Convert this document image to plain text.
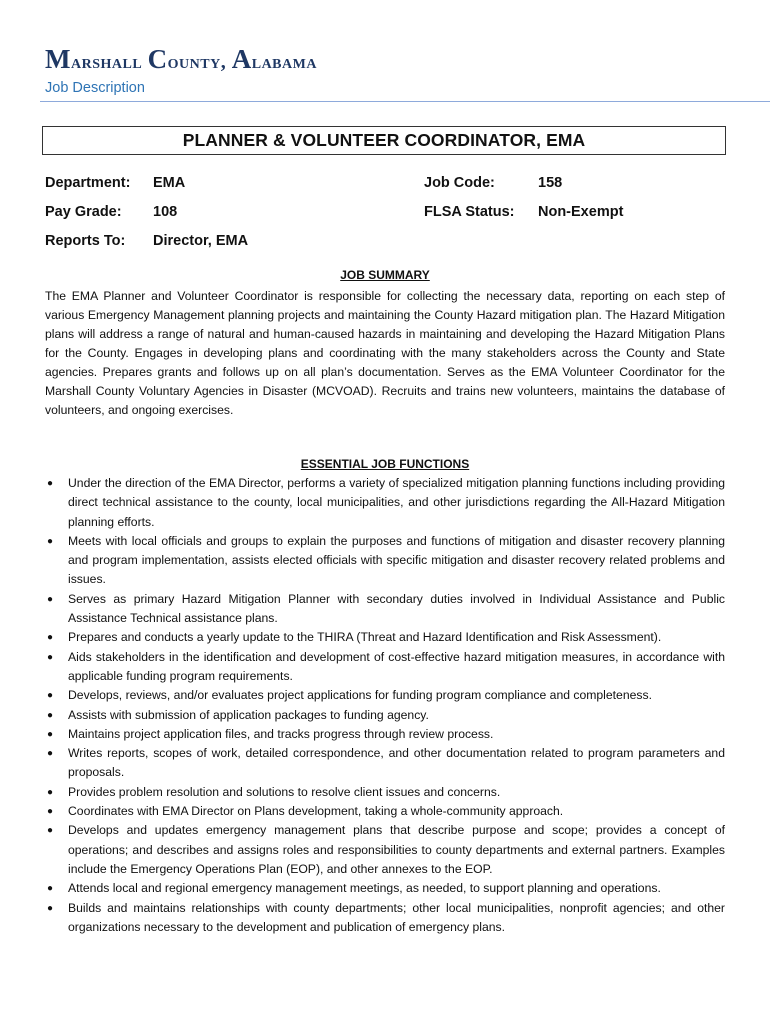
Marshall County, Alabama
Job Description
PLANNER & VOLUNTEER COORDINATOR, EMA
Department: EMA	Job Code:	158
Pay Grade: 108	FLSA Status: Non-Exempt
Reports To: Director, EMA
JOB SUMMARY

The EMA Planner and Volunteer Coordinator is responsible for collecting the necessary data, reporting on each step of various Emergency Management planning projects and maintaining the County Hazard mitigation plan. The Hazard Mitigation plans will address a range of natural and human-caused hazards in maintaining and developing the Hazard Mitigation Plans for the County. Engages in developing plans and coordinating with the many stakeholders across the County and State agencies. Prepares grants and follows up on all plan’s documentation. Serves as the EMA Volunteer Coordinator for the Marshall County Voluntary Agencies in Disaster (MCVOAD). Recruits and trains new volunteers, maintains the database of volunteers, and ongoing exercises.

ESSENTIAL JOB FUNCTIONS
● Under the direction of the EMA Director, performs a variety of specialized mitigation planning functions including providing direct technical assistance to the county, local municipalities, and other jurisdictions regarding the All-Hazard Mitigation planning efforts.
● Meets with local officials and groups to explain the purposes and functions of mitigation and disaster recovery planning and program implementation, assists elected officials with specific mitigation and disaster recovery related problems and issues.
● Serves as primary Hazard Mitigation Planner with secondary duties involved in Individual Assistance and Public Assistance Technical assistance plans.
● Prepares and conducts a yearly update to the THIRA (Threat and Hazard Identification and Risk Assessment).
● Aids stakeholders in the identification and development of cost-effective hazard mitigation measures, in accordance with applicable funding program requirements.
● Develops, reviews, and/or evaluates project applications for funding program compliance and completeness.
● Assists with submission of application packages to funding agency.
● Maintains project application files, and tracks progress through review process.
● Writes reports, scopes of work, detailed correspondence, and other documentation related to program parameters and proposals.
● Provides problem resolution and solutions to resolve client issues and concerns.
● Coordinates with EMA Director on Plans development, taking a whole-community approach.
● Develops and updates emergency management plans that describe purpose and scope; provides a concept of operations; and describes and assigns roles and responsibilities to county departments and external partners. Examples include the Emergency Operations Plan (EOP), and other annexes to the EOP.
● Attends local and regional emergency management meetings, as needed, to support planning and operations.
● Builds and maintains relationships with county departments; other local municipalities, nonprofit agencies; and other organizations necessary to the development and publication of emergency plans.
